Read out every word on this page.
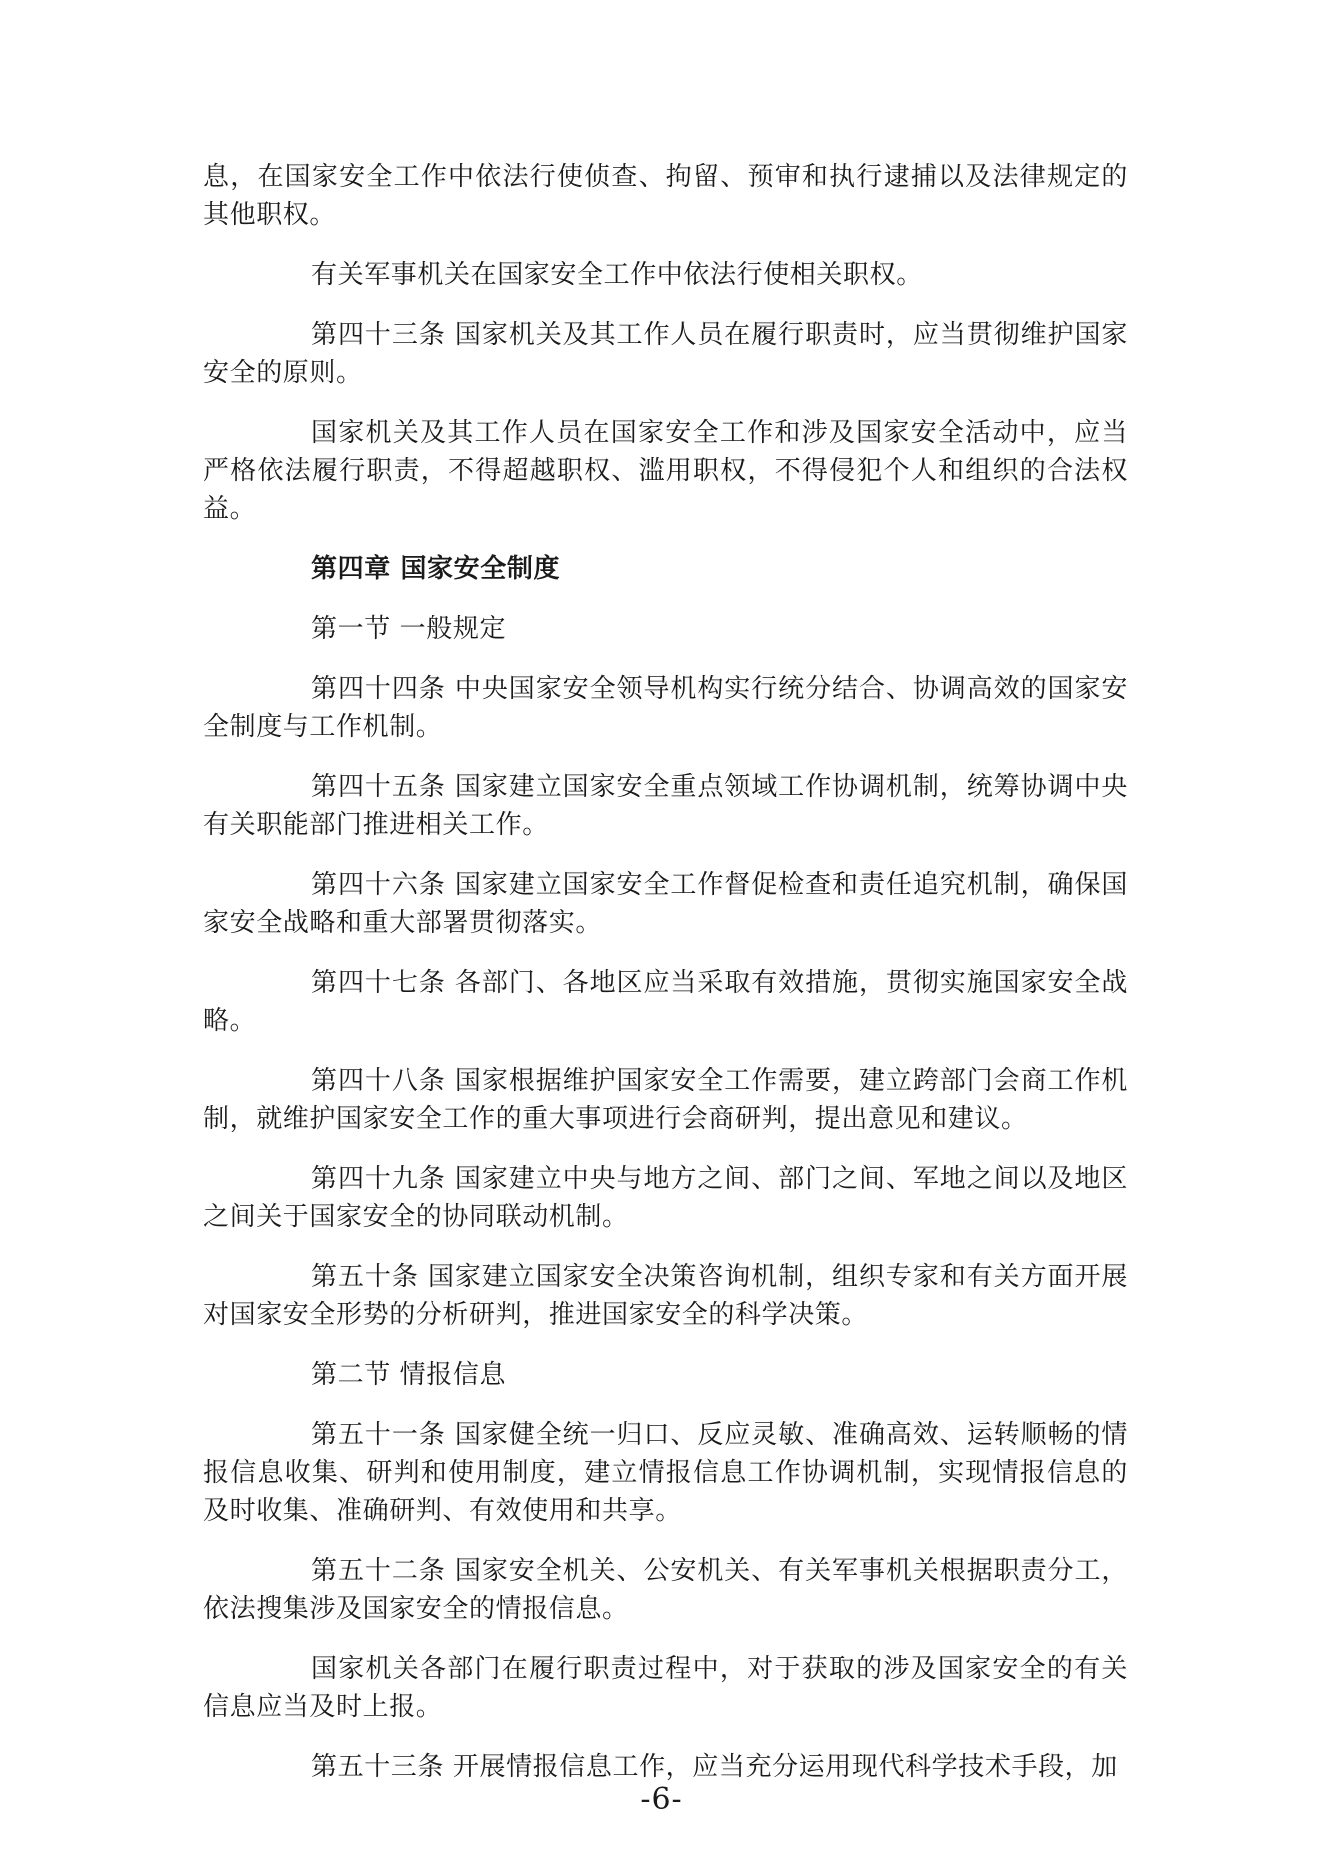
息，在国家安全工作中依法行使侦查、拘留、预审和执行逮捕以及法律规定的其他职权。

有关军事机关在国家安全工作中依法行使相关职权。

第四十三条 国家机关及其工作人员在履行职责时，应当贯彻维护国家安全的原则。

国家机关及其工作人员在国家安全工作和涉及国家安全活动中，应当严格依法履行职责，不得超越职权、滥用职权，不得侵犯个人和组织的合法权益。

第四章 国家安全制度

第一节 一般规定

第四十四条 中央国家安全领导机构实行统分结合、协调高效的国家安全制度与工作机制。

第四十五条 国家建立国家安全重点领域工作协调机制，统筹协调中央有关职能部门推进相关工作。

第四十六条 国家建立国家安全工作督促检查和责任追究机制，确保国家安全战略和重大部署贯彻落实。

第四十七条 各部门、各地区应当采取有效措施，贯彻实施国家安全战略。

第四十八条 国家根据维护国家安全工作需要，建立跨部门会商工作机制，就维护国家安全工作的重大事项进行会商研判，提出意见和建议。

第四十九条 国家建立中央与地方之间、部门之间、军地之间以及地区之间关于国家安全的协同联动机制。

第五十条 国家建立国家安全决策咨询机制，组织专家和有关方面开展对国家安全形势的分析研判，推进国家安全的科学决策。

第二节 情报信息

第五十一条 国家健全统一归口、反应灵敏、准确高效、运转顺畅的情报信息收集、研判和使用制度，建立情报信息工作协调机制，实现情报信息的及时收集、准确研判、有效使用和共享。

第五十二条 国家安全机关、公安机关、有关军事机关根据职责分工，依法搜集涉及国家安全的情报信息。

国家机关各部门在履行职责过程中，对于获取的涉及国家安全的有关信息应当及时上报。

第五十三条 开展情报信息工作，应当充分运用现代科学技术手段，加

-6-
